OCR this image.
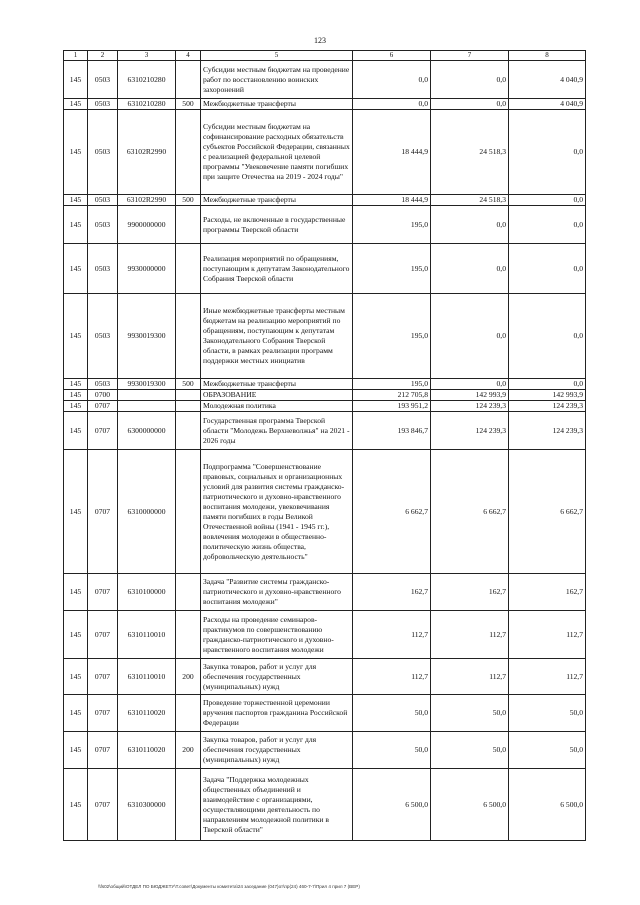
123
1	2	3	4	5	6	7	8
145	0503	6310210280		Субсидии местным бюджетам на проведение работ по восстановлению воинских захоронений	0,0	0,0	4 040,9
145	0503	6310210280	500	Межбюджетные трансферты	0,0	0,0	4 040,9
145	0503	63102R2990		Субсидии местным бюджетам на софинансирование расходных обязательств субъектов Российской Федерации, связанных с реализацией федеральной целевой программы "Увековечение памяти погибших при защите Отечества на 2019 - 2024 годы"	18 444,9	24 518,3	0,0
145	0503	63102R2990	500	Межбюджетные трансферты	18 444,9	24 518,3	0,0
145	0503	9900000000		Расходы, не включенные в государственные программы Тверской области	195,0	0,0	0,0
145	0503	9930000000		Реализация мероприятий по обращениям, поступающим к депутатам Законодательного Собрания Тверской области	195,0	0,0	0,0
145	0503	9930019300		Иные межбюджетные трансферты местным бюджетам на реализацию мероприятий по обращениям, поступающим к депутатам Законодательного Собрания Тверской области, в рамках реализации программ поддержки местных инициатив	195,0	0,0	0,0
145	0503	9930019300	500	Межбюджетные трансферты	195,0	0,0	0,0
145	0700			ОБРАЗОВАНИЕ	212 705,8	142 993,9	142 993,9
145	0707			Молодежная политика	193 951,2	124 239,3	124 239,3
145	0707	6300000000		Государственная программа Тверской области "Молодежь Верхневолжья" на 2021 - 2026 годы	193 846,7	124 239,3	124 239,3
145	0707	6310000000		Подпрограмма "Совершенствование правовых, социальных и организационных условий для развития системы гражданско-патриотического и духовно-нравственного воспитания молодежи, увековечивания памяти погибших в годы Великой Отечественной войны (1941 - 1945 гг.), вовлечения молодежи в общественно-политическую жизнь общества, добровольческую деятельность"	6 662,7	6 662,7	6 662,7
145	0707	6310100000		Задача "Развитие системы гражданско-патриотического и духовно-нравственного воспитания молодежи"	162,7	162,7	162,7
145	0707	6310110010		Расходы на проведение семинаров-практикумов по совершенствованию гражданско-патриотического и духовно-нравственного воспитания молодежи	112,7	112,7	112,7
145	0707	6310110010	200	Закупка товаров, работ и услуг для обеспечения государственных (муниципальных) нужд	112,7	112,7	112,7
145	0707	6310110020		Проведение торжественной церемонии вручения паспортов гражданина Российской Федерации	50,0	50,0	50,0
145	0707	6310110020	200	Закупка товаров, работ и услуг для обеспечения государственных (муниципальных) нужд	50,0	50,0	50,0
145	0707	6310300000		Задача "Поддержка молодежных общественных объединений и взаимодействие с организациями, осуществляющими деятельность по направлениям молодежной политики в Тверской области"	6 500,0	6 500,0	6 500,0
\\fs02\общий\ОТДЕЛ ПО БЮДЖЕТУ\Т.совет\Документы комитета\24 заседание (047)от\пр(24) 460-7-7\Прил 4 прил 7 (ВЕР)
